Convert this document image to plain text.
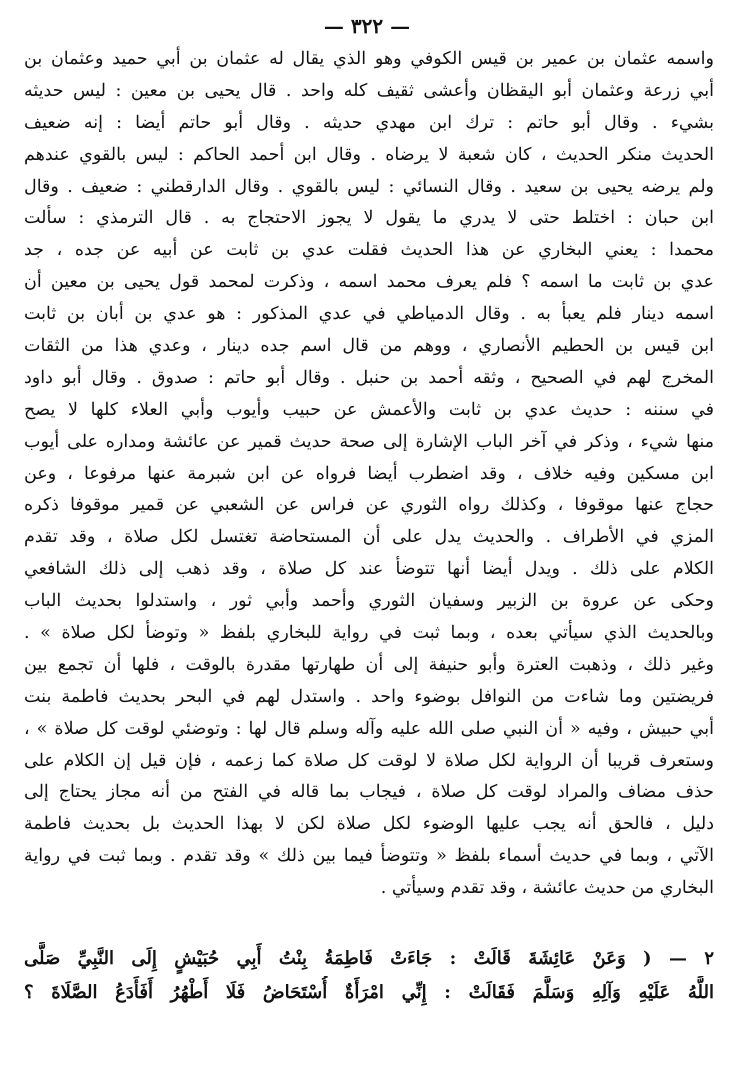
— ٣٢٢ —
واسمه عثمان بن عمير بن قيس الكوفي وهو الذي يقال له عثمان بن أبي حميد وعثمان بن
أبي زرعة وعثمان أبو اليقظان وأعشى ثقيف كله واحد . قال يحيى بن معين : ليس حديثه
بشيء . وقال أبو حاتم : ترك ابن مهدي حديثه . وقال أبو حاتم أيضا : إنه ضعيف
الحديث منكر الحديث ، كان شعبة لا يرضاه . وقال ابن أحمد الحاكم : ليس بالقوي عندهم
ولم يرضه يحيى بن سعيد . وقال النسائي : ليس بالقوي . وقال الدارقطني : ضعيف . وقال
ابن حبان : اختلط حتى لا يدري ما يقول لا يجوز الاحتجاج به . قال الترمذي : سألت
محمدا : يعني البخاري عن هذا الحديث فقلت عدي بن ثابت عن أبيه عن جده ، جد
عدي بن ثابت ما اسمه ؟ فلم يعرف محمد اسمه ، وذكرت لمحمد قول يحيى بن معين أن
اسمه دينار فلم يعبأ به . وقال الدمياطي في عدي المذكور : هو عدي بن أبان بن ثابت
ابن قيس بن الحطيم الأنصاري ، ووهم من قال اسم جده دينار ، وعدي هذا من الثقات
المخرج لهم في الصحيح ، وثقه أحمد بن حنبل . وقال أبو حاتم : صدوق . وقال أبو داود
في سننه : حديث عدي بن ثابت والأعمش عن حبيب وأيوب وأبي العلاء كلها لا يصح
منها شيء ، وذكر في آخر الباب الإشارة إلى صحة حديث قمير عن عائشة ومداره على أيوب
ابن مسكين وفيه خلاف ، وقد اضطرب أيضا فرواه عن ابن شبرمة عنها مرفوعا ، وعن
حجاج عنها موقوفا ، وكذلك رواه الثوري عن فراس عن الشعبي عن قمير موقوفا ذكره
المزي في الأطراف . والحديث يدل على أن المستحاضة تغتسل لكل صلاة ، وقد تقدم
الكلام على ذلك . ويدل أيضا أنها تتوضأ عند كل صلاة ، وقد ذهب إلى ذلك الشافعي
وحكى عن عروة بن الزبير وسفيان الثوري وأحمد وأبي ثور ، واستدلوا بحديث الباب
وبالحديث الذي سيأتي بعده ، وبما ثبت في رواية للبخاري بلفظ « وتوضأ لكل صلاة » .
وغير ذلك ، وذهبت العترة وأبو حنيفة إلى أن طهارتها مقدرة بالوقت ، فلها أن تجمع بين
فريضتين وما شاءت من النوافل بوضوء واحد . واستدل لهم في البحر بحديث فاطمة بنت
أبي حبيش ، وفيه « أن النبي صلى الله عليه وآله وسلم قال لها : وتوضئي لوقت كل صلاة » ،
وستعرف قريبا أن الرواية لكل صلاة لا لوقت كل صلاة كما زعمه ، فإن قيل إن الكلام على
حذف مضاف والمراد لوقت كل صلاة ، فيجاب بما قاله في الفتح من أنه مجاز يحتاج إلى
دليل ، فالحق أنه يجب عليها الوضوء لكل صلاة لكن لا بهذا الحديث بل بحديث فاطمة
الآتي ، وبما في حديث أسماء بلفظ « وتتوضأ فيما بين ذلك » وقد تقدم . وبما ثبت في رواية
البخاري من حديث عائشة ، وقد تقدم وسيأتي .
٢ — ( وَعَنْ عَائِشَةَ قَالَتْ : جَاءَتْ فَاطِمَةُ بِنْتُ أَبِي حُبَيْشٍ إِلَى النَّبِيِّ صَلَّى
اللَّهُ عَلَيْهِ وَآلِهِ وَسَلَّمَ فَقَالَتْ : إِنِّي امْرَأَةٌ أُسْتَحَاضُ فَلَا أَطْهُرُ أَفَأَدَعُ الصَّلَاةَ ؟
